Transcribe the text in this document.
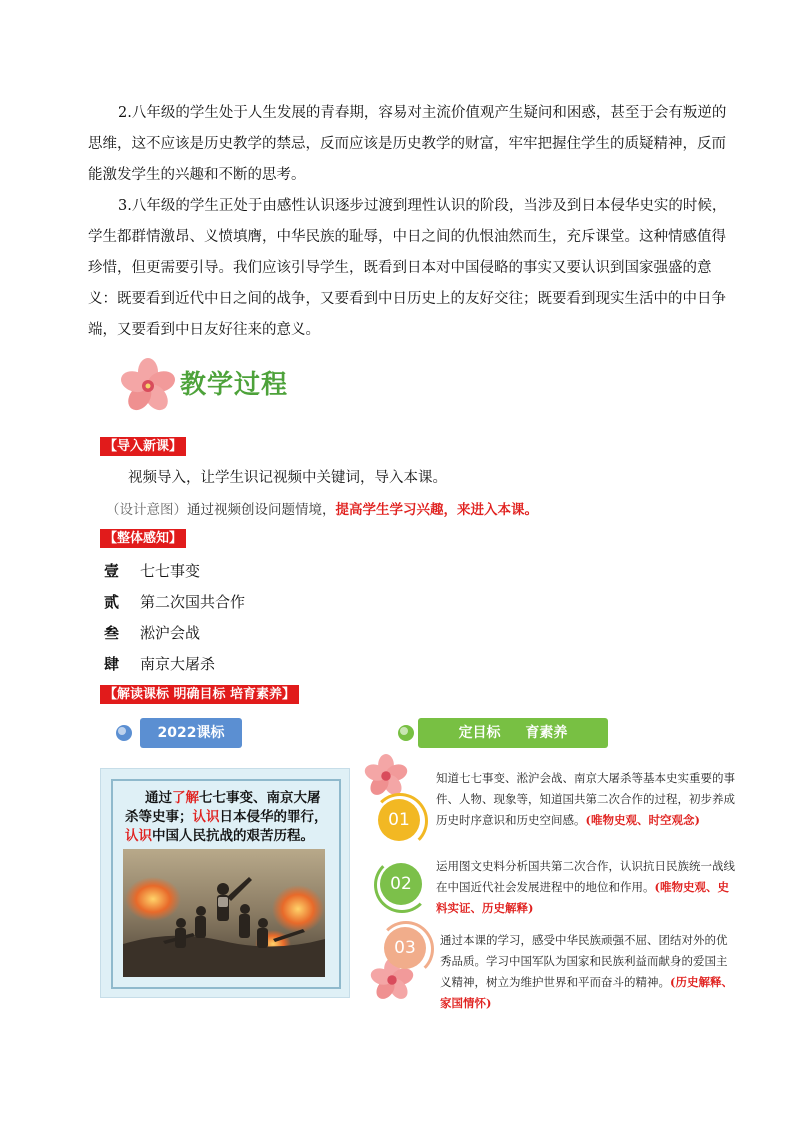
2.八年级的学生处于人生发展的青春期，容易对主流价值观产生疑问和困惑，甚至于会有叛逆的思维，这不应该是历史教学的禁忌，反而应该是历史教学的财富，牢牢把握住学生的质疑精神，反而能激发学生的兴趣和不断的思考。

3.八年级的学生正处于由感性认识逐步过渡到理性认识的阶段，当涉及到日本侵华史实的时候，学生都群情激昂、义愤填膺，中华民族的耻辱，中日之间的仇恨油然而生，充斥课堂。这种情感值得珍惜，但更需要引导。我们应该引导学生，既看到日本对中国侵略的事实又要认识到国家强盛的意义：既要看到近代中日之间的战争，又要看到中日历史上的友好交往；既要看到现实生活中的中日争端，又要看到中日友好往来的意义。

教学过程
【导入新课】
视频导入，让学生识记视频中关键词，导入本课。
（设计意图）通过视频创设问题情境，提高学生学习兴趣，来进入本课。
【整体感知】
壹 七七事变
贰 第二次国共合作
叁 淞沪会战
肆 南京大屠杀
【解读课标 明确目标 培育素养】
2022课标	定目标 育素养
通过了解七七事变、南京大屠杀等史事；认识日本侵华的罪行，认识中国人民抗战的艰苦历程。
01
02
03
知道七七事变、淞沪会战、南京大屠杀等基本史实重要的事件、人物、现象等，知道国共第二次合作的过程，初步养成历史时序意识和历史空间感。(唯物史观、时空观念)
运用图文史料分析国共第二次合作，认识抗日民族统一战线在中国近代社会发展进程中的地位和作用。(唯物史观、史料实证、历史解释)
通过本课的学习，感受中华民族顽强不屈、团结对外的优秀品质。学习中国军队为国家和民族利益而献身的爱国主义精神，树立为维护世界和平而奋斗的精神。(历史解释、家国情怀)
